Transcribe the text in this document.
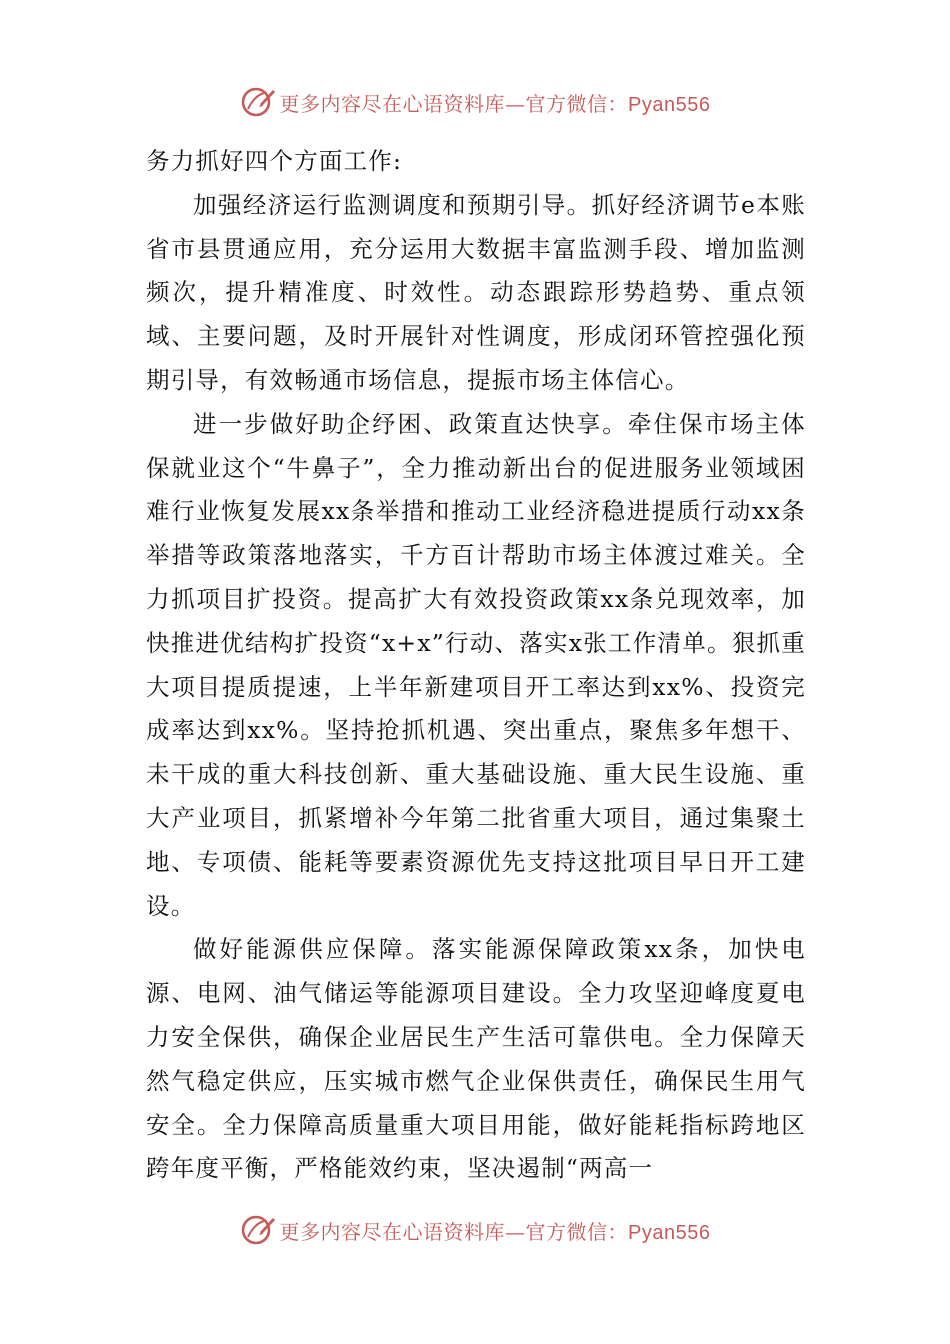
更多内容尽在心语资料库—官方微信：Pyan556

务力抓好四个方面工作:

加强经济运行监测调度和预期引导。抓好经济调节e本账省市县贯通应用，充分运用大数据丰富监测手段、增加监测频次，提升精准度、时效性。动态跟踪形势趋势、重点领域、主要问题，及时开展针对性调度，形成闭环管控强化预期引导，有效畅通市场信息，提振市场主体信心。

进一步做好助企纾困、政策直达快享。牵住保市场主体保就业这个“牛鼻子”，全力推动新出台的促进服务业领域困难行业恢复发展xx条举措和推动工业经济稳进提质行动xx条举措等政策落地落实，千方百计帮助市场主体渡过难关。全力抓项目扩投资。提高扩大有效投资政策xx条兑现效率，加快推进优结构扩投资“x+x”行动、落实x张工作清单。狠抓重大项目提质提速，上半年新建项目开工率达到xx%、投资完成率达到xx%。坚持抢抓机遇、突出重点，聚焦多年想干、未干成的重大科技创新、重大基础设施、重大民生设施、重大产业项目，抓紧增补今年第二批省重大项目，通过集聚土地、专项债、能耗等要素资源优先支持这批项目早日开工建设。

做好能源供应保障。落实能源保障政策xx条，加快电源、电网、油气储运等能源项目建设。全力攻坚迎峰度夏电力安全保供，确保企业居民生产生活可靠供电。全力保障天然气稳定供应，压实城市燃气企业保供责任，确保民生用气安全。全力保障高质量重大项目用能，做好能耗指标跨地区跨年度平衡，严格能效约束，坚决遏制“两高一

更多内容尽在心语资料库—官方微信：Pyan556
